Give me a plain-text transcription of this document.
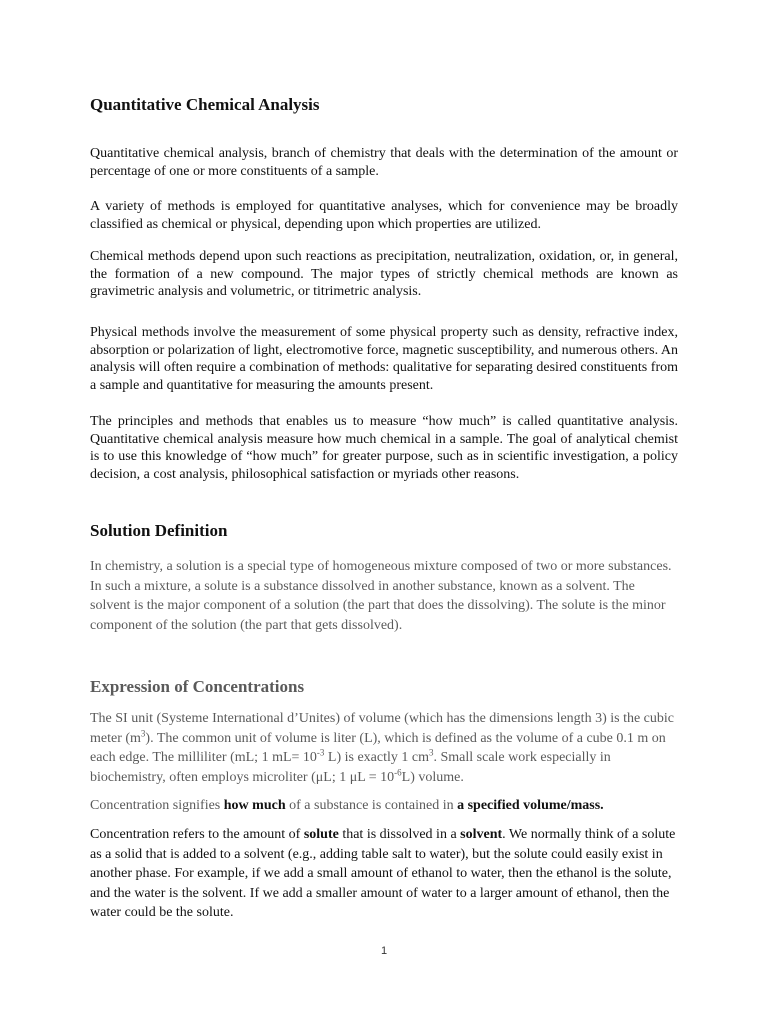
Quantitative Chemical Analysis

Quantitative chemical analysis, branch of chemistry that deals with the determination of the amount or percentage of one or more constituents of a sample.

A variety of methods is employed for quantitative analyses, which for convenience may be broadly classified as chemical or physical, depending upon which properties are utilized.

Chemical methods depend upon such reactions as precipitation, neutralization, oxidation, or, in general, the formation of a new compound. The major types of strictly chemical methods are known as gravimetric analysis and volumetric, or titrimetric analysis.

Physical methods involve the measurement of some physical property such as density, refractive index, absorption or polarization of light, electromotive force, magnetic susceptibility, and numerous others. An analysis will often require a combination of methods: qualitative for separating desired constituents from a sample and quantitative for measuring the amounts present.

The principles and methods that enables us to measure “how much” is called quantitative analysis. Quantitative chemical analysis measure how much chemical in a sample. The goal of analytical chemist is to use this knowledge of “how much” for greater purpose, such as in scientific investigation, a policy decision, a cost analysis, philosophical satisfaction or myriads other reasons.

Solution Definition

In chemistry, a solution is a special type of homogeneous mixture composed of two or more substances. In such a mixture, a solute is a substance dissolved in another substance, known as a solvent. The solvent is the major component of a solution (the part that does the dissolving). The solute is the minor component of the solution (the part that gets dissolved).

Expression of Concentrations

The SI unit (Systeme International d’Unites) of volume (which has the dimensions length 3) is the cubic meter $(m^3)$. The common unit of volume is liter (L), which is defined as the volume of a cube 0.1 m on each edge. The milliliter (mL; 1 $mL= 10^{-3}$ L) is exactly 1 $cm^3$. Small scale work especially in biochemistry, often employs microliter (μL; 1 $\mu L = 10^{-6}L$) volume.

Concentration signifies how much of a substance is contained in a specified volume/mass.

Concentration refers to the amount of solute that is dissolved in a solvent. We normally think of a solute as a solid that is added to a solvent (e.g., adding table salt to water), but the solute could easily exist in another phase. For example, if we add a small amount of ethanol to water, then the ethanol is the solute, and the water is the solvent. If we add a smaller amount of water to a larger amount of ethanol, then the water could be the solute.

1
